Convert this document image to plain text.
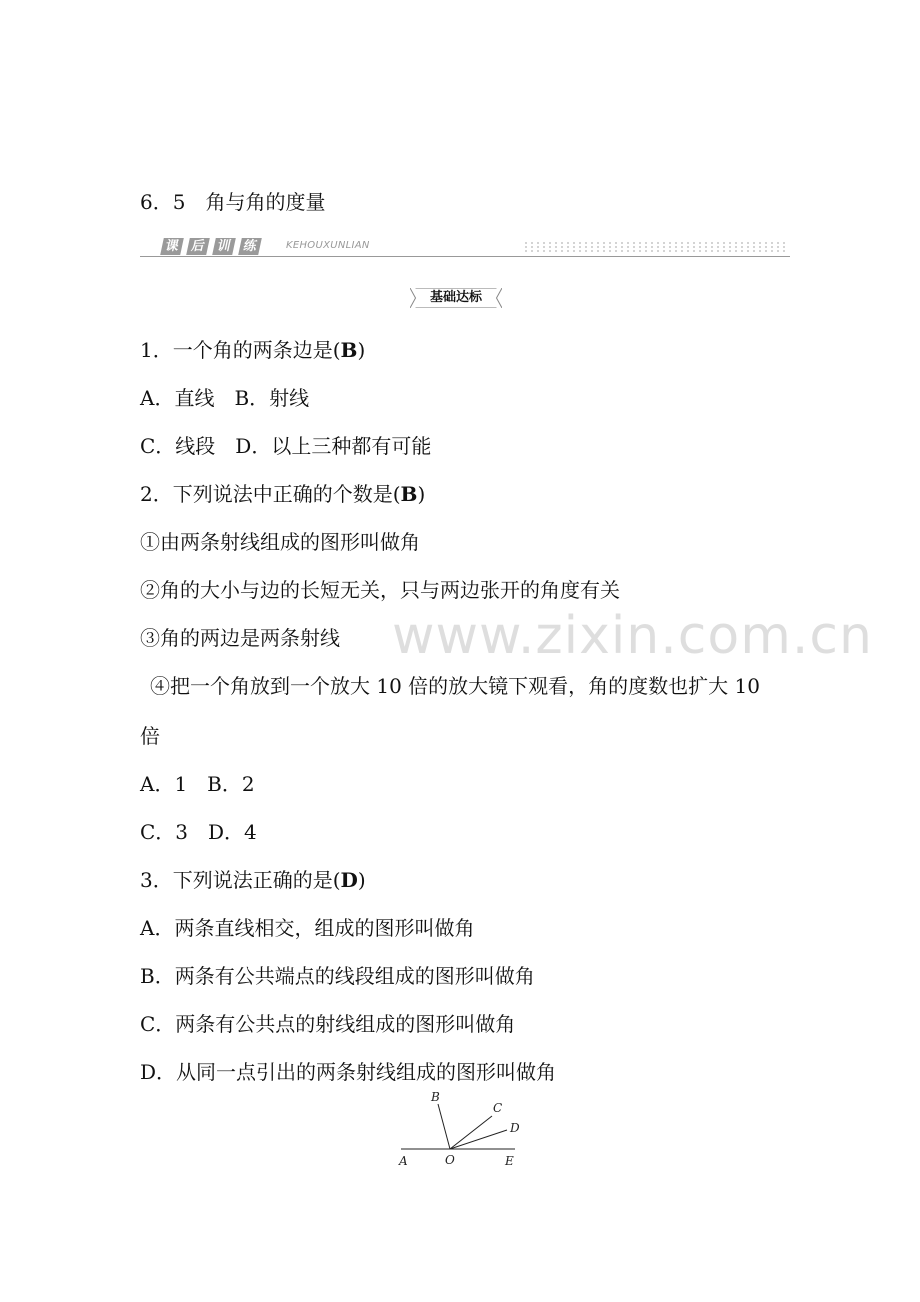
6．5　角与角的度量
课 后 训 练	KEHOUXUNLIAN
基础达标
1．一个角的两条边是(B)
A．直线　B．射线
C．线段　D．以上三种都有可能
2．下列说法中正确的个数是(B)
①由两条射线组成的图形叫做角
②角的大小与边的长短无关，只与两边张开的角度有关
③角的两边是两条射线
④把一个角放到一个放大 10 倍的放大镜下观看，角的度数也扩大 10
倍
A．1　B．2
C．3　D．4
3．下列说法正确的是(D)
A．两条直线相交，组成的图形叫做角
B．两条有公共端点的线段组成的图形叫做角
C．两条有公共点的射线组成的图形叫做角
D．从同一点引出的两条射线组成的图形叫做角
A	O	E
B
C
D
www.zixin.com.cn
